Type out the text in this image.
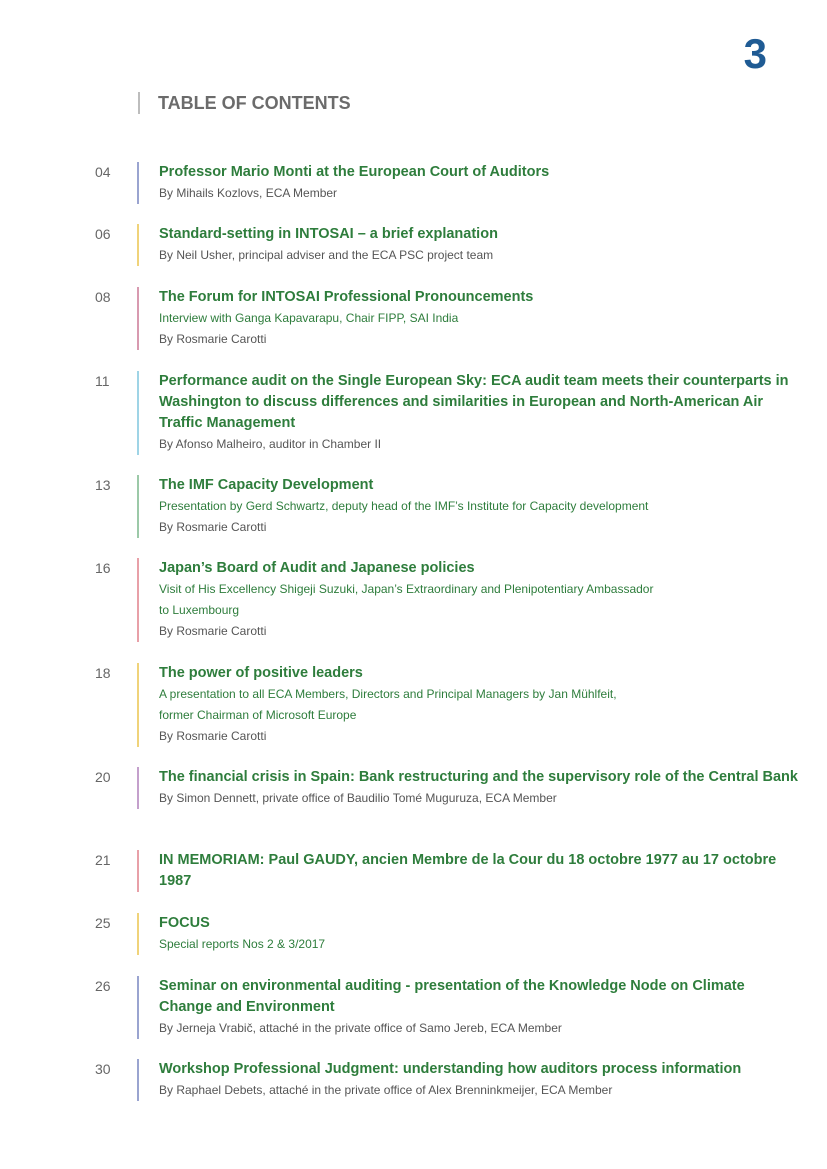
3
TABLE OF CONTENTS
04	Professor Mario Monti at the European Court of Auditors
By Mihails Kozlovs, ECA Member
06	Standard-setting in INTOSAI – a brief explanation
By Neil Usher, principal adviser and the ECA PSC project team
08	The Forum for INTOSAI Professional Pronouncements
Interview with Ganga Kapavarapu, Chair FIPP, SAI India
By Rosmarie Carotti
11	Performance audit on the Single European Sky: ECA audit team meets their counterparts in Washington to discuss differences and similarities in European and North-American Air Traffic Management
By Afonso Malheiro, auditor in Chamber II
13	The IMF Capacity Development
Presentation by Gerd Schwartz, deputy head of the IMF’s Institute for Capacity development
By Rosmarie Carotti
16	Japan’s Board of Audit and Japanese policies
Visit of His Excellency Shigeji Suzuki, Japan’s Extraordinary and Plenipotentiary Ambassador
to Luxembourg
By Rosmarie Carotti
18	The power of positive leaders
A presentation to all ECA Members, Directors and Principal Managers by Jan Mühlfeit,
former Chairman of Microsoft Europe
By Rosmarie Carotti
20	The financial crisis in Spain: Bank restructuring and the supervisory role of the Central Bank
By Simon Dennett, private office of Baudilio Tomé Muguruza, ECA Member
21	IN MEMORIAM: Paul GAUDY, ancien Membre de la Cour du 18 octobre 1977 au 17 octobre 1987
25	FOCUS
Special reports Nos 2 & 3/2017
26	Seminar on environmental auditing - presentation of the Knowledge Node on Climate Change and Environment
By Jerneja Vrabič, attaché in the private office of Samo Jereb, ECA Member
30	Workshop Professional Judgment: understanding how auditors process information
By Raphael Debets, attaché in the private office of Alex Brenninkmeijer, ECA Member
